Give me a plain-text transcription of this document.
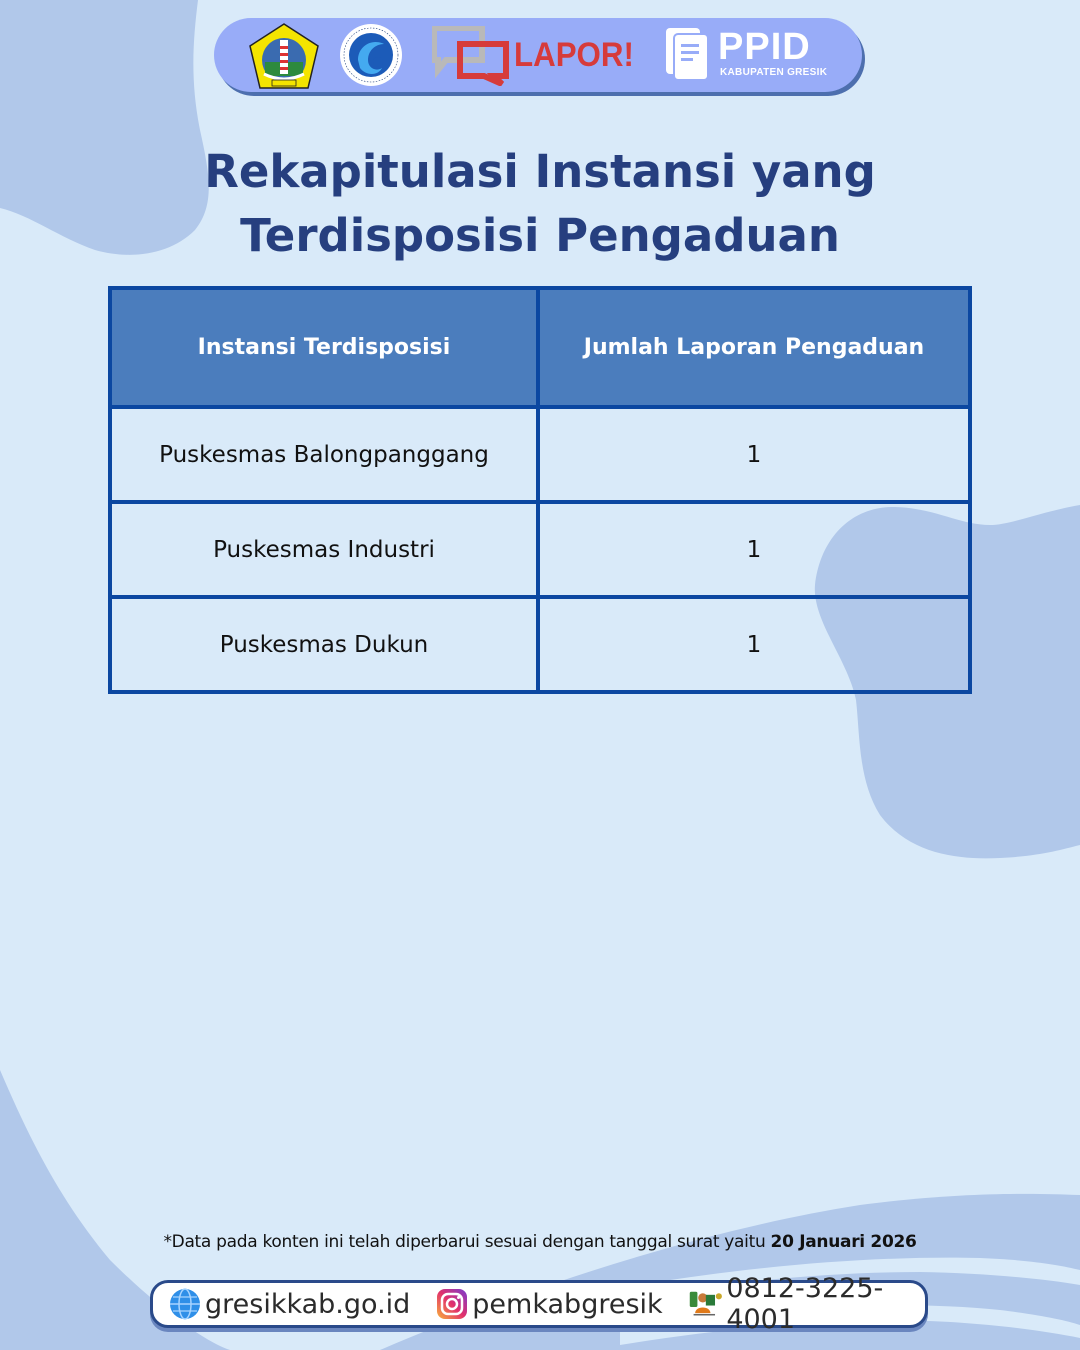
LAPOR! PPID
KABUPATEN GRESIK
Rekapitulasi Instansi yang
Terdisposisi Pengaduan
Instansi Terdisposisi	Jumlah Laporan Pengaduan
Puskesmas Balongpanggang	1
Puskesmas Industri	1
Puskesmas Dukun	1
*Data pada konten ini telah diperbarui sesuai dengan tanggal surat yaitu 20 Januari 2026
gresikkab.go.id pemkabgresik 0812-3225-4001
